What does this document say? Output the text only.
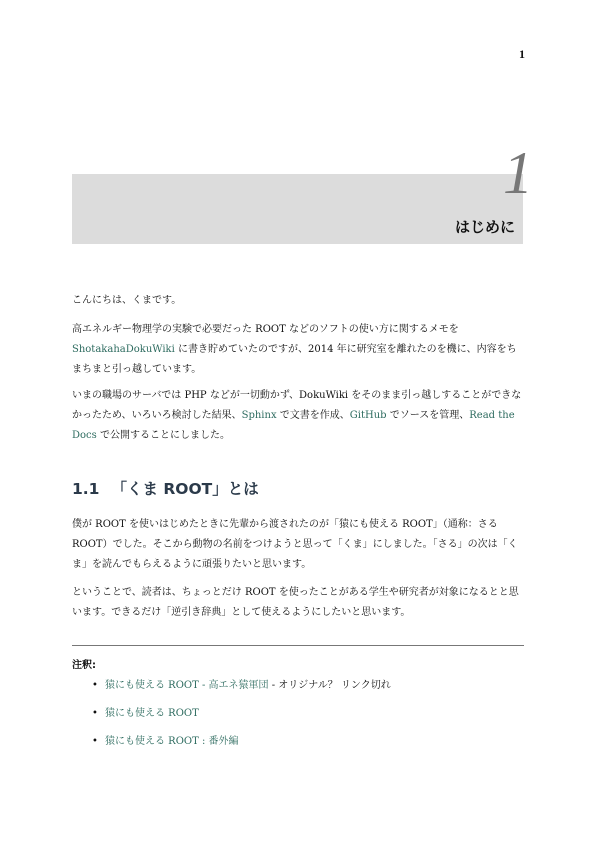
1
1
はじめに

こんにちは、くまです。

高エネルギー物理学の実験で必要だった ROOT などのソフトの使い方に関するメモをShotakahaDokuWiki に書き貯めていたのですが、2014 年に研究室を離れたのを機に、内容をちまちまと引っ越しています。

いまの職場のサーバでは PHP などが一切動かず、DokuWiki をそのまま引っ越しすることができなかったため、いろいろ検討した結果、Sphinx で文書を作成、GitHub でソースを管理、Read the Docs で公開することにしました。

1.1 「くま ROOT」とは

僕が ROOT を使いはじめたときに先輩から渡されたのが「猿にも使える ROOT」（通称：さる ROOT）でした。そこから動物の名前をつけようと思って「くま」にしました。「さる」の次は「くま」を読んでもらえるように頑張りたいと思います。

ということで、読者は、ちょっとだけ ROOT を使ったことがある学生や研究者が対象になるとと思います。できるだけ「逆引き辞典」として使えるようにしたいと思います。

注釈:
• 猿にも使える ROOT - 高エネ猿軍団 - オリジナル？ リンク切れ
• 猿にも使える ROOT
• 猿にも使える ROOT : 番外編
